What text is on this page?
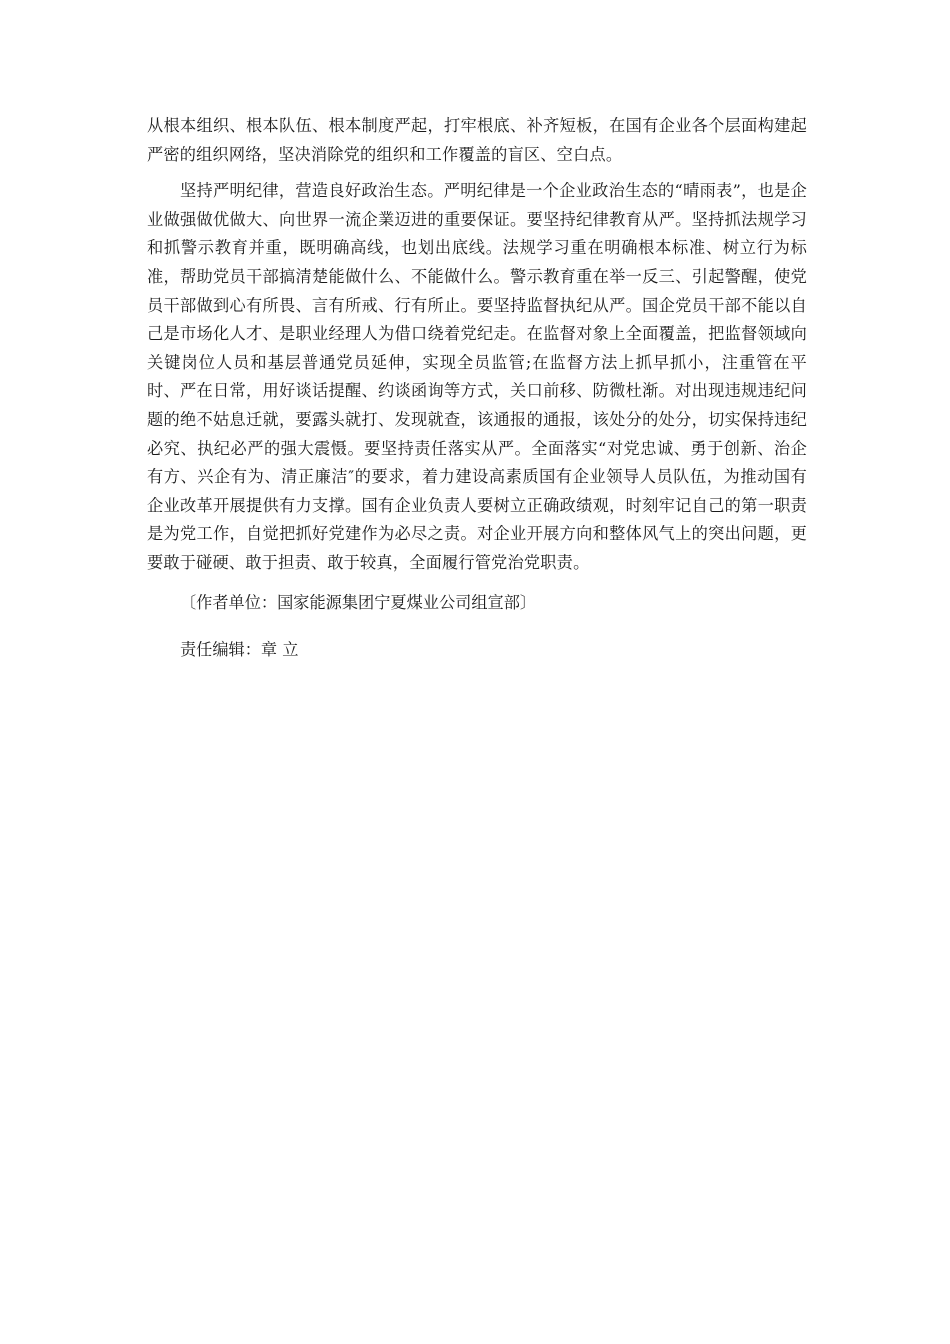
从根本组织、根本队伍、根本制度严起，打牢根底、补齐短板，在国有企业各个层面构建起严密的组织网络，坚决消除党的组织和工作覆盖的盲区、空白点。

坚持严明纪律，营造良好政治生态。严明纪律是一个企业政治生态的“晴雨表”，也是企业做强做优做大、向世界一流企業迈进的重要保证。要坚持纪律教育从严。坚持抓法规学习和抓警示教育并重，既明确高线，也划出底线。法规学习重在明确根本标准、树立行为标准，帮助党员干部搞清楚能做什么、不能做什么。警示教育重在举一反三、引起警醒，使党员干部做到心有所畏、言有所戒、行有所止。要坚持监督执纪从严。国企党员干部不能以自己是市场化人才、是职业经理人为借口绕着党纪走。在监督对象上全面覆盖，把监督领域向关键岗位人员和基层普通党员延伸，实现全员监管;在监督方法上抓早抓小，注重管在平时、严在日常，用好谈话提醒、约谈函询等方式，关口前移、防微杜渐。对出现违规违纪问题的绝不姑息迁就，要露头就打、发现就查，该通报的通报，该处分的处分，切实保持违纪必究、执纪必严的强大震慑。要坚持责任落实从严。全面落实“对党忠诚、勇于创新、治企有方、兴企有为、清正廉洁″的要求，着力建设高素质国有企业领导人员队伍，为推动国有企业改革开展提供有力支撑。国有企业负责人要树立正确政绩观，时刻牢记自己的第一职责是为党工作，自觉把抓好党建作为必尽之责。对企业开展方向和整体风气上的突出问题，更要敢于碰硬、敢于担责、敢于较真，全面履行管党治党职责。

〔作者单位：国家能源集团宁夏煤业公司组宣部〕

责任编辑：章 立
